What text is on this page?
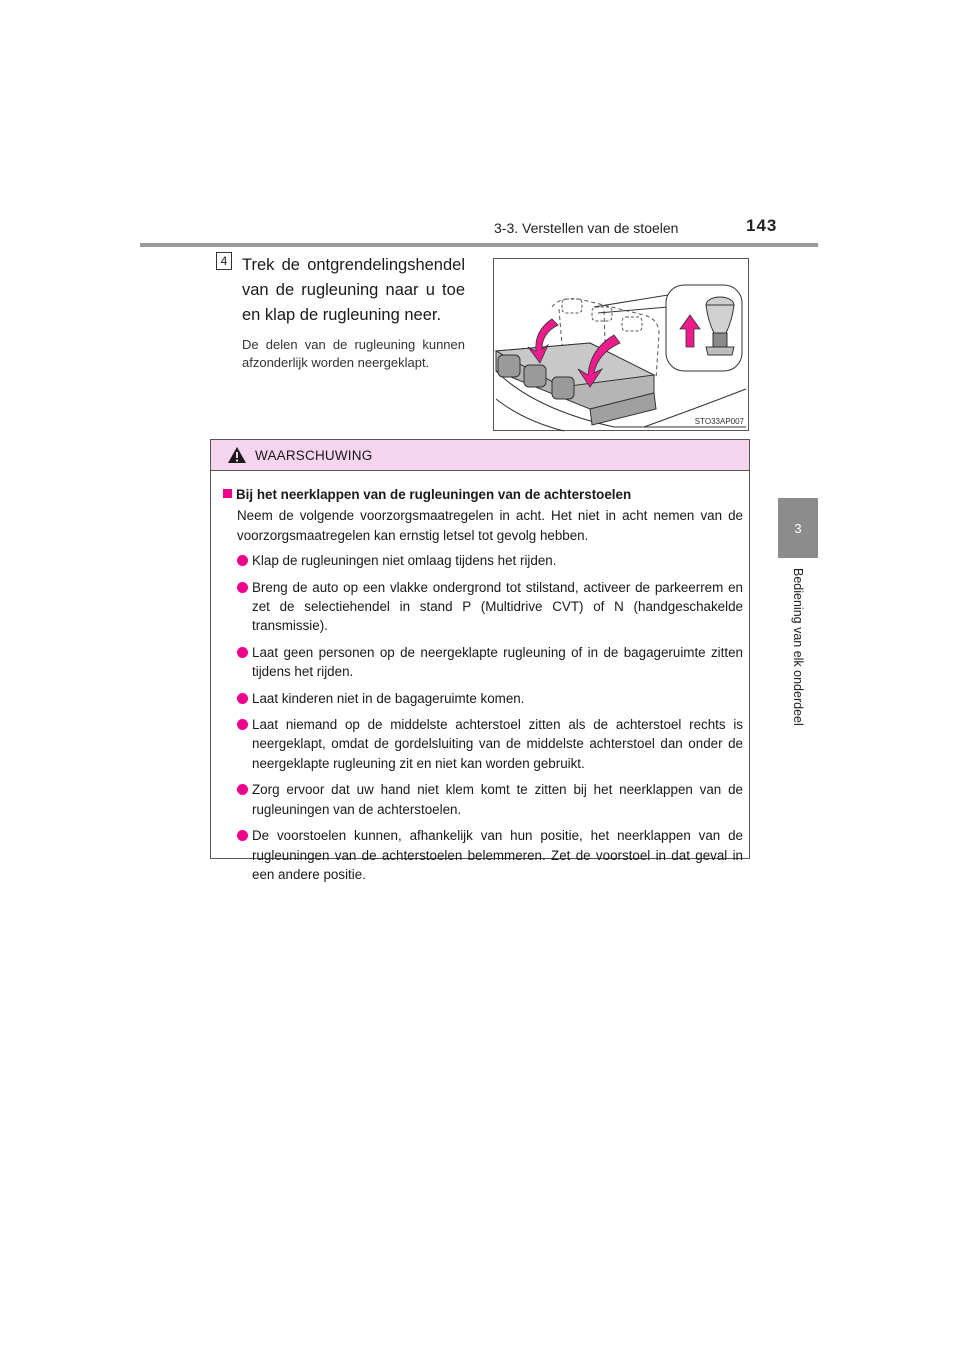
3-3. Verstellen van de stoelen	143
3
Bediening van elk onderdeel
4 Trek de ontgrendelingshendel van de rugleuning naar u toe en klap de rugleuning neer.
De delen van de rugleuning kunnen afzonderlijk worden neergeklapt.
STO33AP007
WAARSCHUWING
Bij het neerklappen van de rugleuningen van de achterstoelen
Neem de volgende voorzorgsmaatregelen in acht. Het niet in acht nemen van de voorzorgsmaatregelen kan ernstig letsel tot gevolg hebben.
Klap de rugleuningen niet omlaag tijdens het rijden.
Breng de auto op een vlakke ondergrond tot stilstand, activeer de parkeerrem en zet de selectiehendel in stand P (Multidrive CVT) of N (handgeschakelde transmissie).
Laat geen personen op de neergeklapte rugleuning of in de bagageruimte zitten tijdens het rijden.
Laat kinderen niet in de bagageruimte komen.
Laat niemand op de middelste achterstoel zitten als de achterstoel rechts is neergeklapt, omdat de gordelsluiting van de middelste achterstoel dan onder de neergeklapte rugleuning zit en niet kan worden gebruikt.
Zorg ervoor dat uw hand niet klem komt te zitten bij het neerklappen van de rugleuningen van de achterstoelen.
De voorstoelen kunnen, afhankelijk van hun positie, het neerklappen van de rugleuningen van de achterstoelen belemmeren. Zet de voorstoel in dat geval in een andere positie.
